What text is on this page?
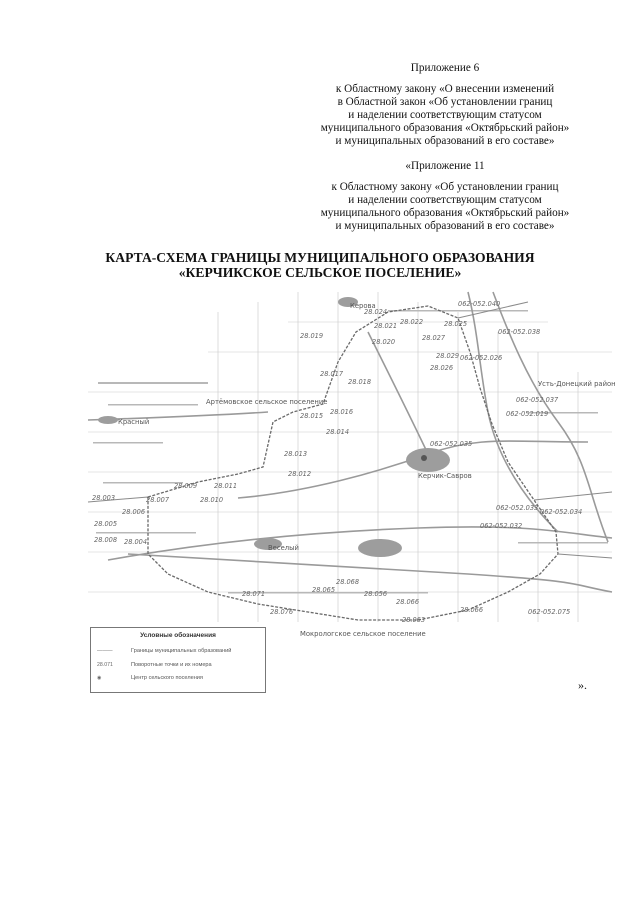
Приложение 6
к Областному закону «О внесении изменений
в Областной закон «Об установлении границ
и наделении соответствующим статусом
муниципального образования «Октябрьский район»
и муниципальных образований в его составе»
«Приложение 11
к Областному закону «Об установлении границ
и наделении соответствующим статусом
муниципального образования «Октябрьский район»
и муниципальных образований в его составе»
КАРТА-СХЕМА ГРАНИЦЫ МУНИЦИПАЛЬНОГО ОБРАЗОВАНИЯ
«КЕРЧИКСКОЕ СЕЛЬСКОЕ ПОСЕЛЕНИЕ»
Керова
Усть-Донецкий район
Артёмовское сельское поселение
Керчик-Савров
Веселый
Красный
Мокрологское сельское поселение
062-052.040
062-052.038
062-052.037
062-052.019
062-052.035
062-052.034
062-052.033
062-052.032
062-052.075
062-052.026
28.024
28.021
28.020
28.019
28.022
28.027
28.025
28.026
28.029
28.017
28.018
28.015 28.016
28.014
28.013
28.012
28.011
28.010
28.009
28.007
28.006
28.005
28.004
28.003
28.008
28.071
28.076
28.068
28.066
28.065
28.063
28.056
28.066
Условные обозначения
———	Границы муниципальных образований
28.071	Поворотные точки и их номера
◉	Центр сельского поселения	».
